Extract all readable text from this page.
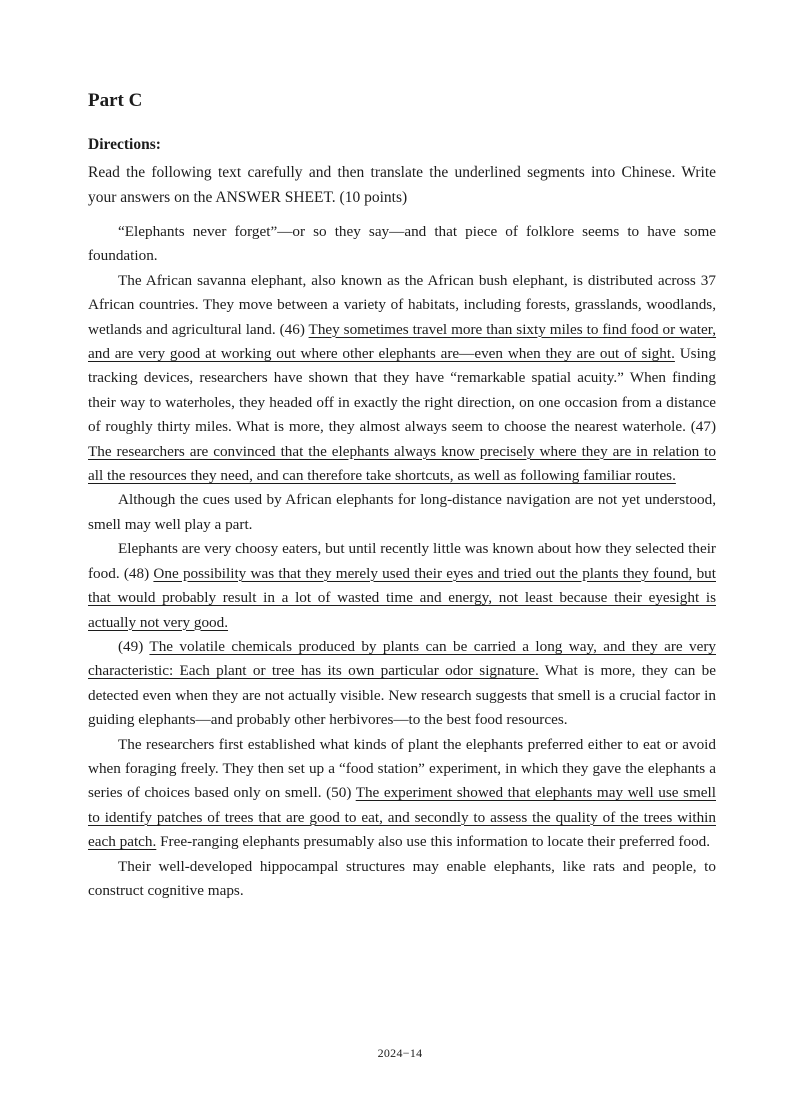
Part C
Directions:

Read the following text carefully and then translate the underlined segments into Chinese. Write your answers on the ANSWER SHEET. (10 points)

“Elephants never forget”—or so they say—and that piece of folklore seems to have some foundation.

The African savanna elephant, also known as the African bush elephant, is distributed across 37 African countries. They move between a variety of habitats, including forests, grasslands, woodlands, wetlands and agricultural land. (46) They sometimes travel more than sixty miles to find food or water, and are very good at working out where other elephants are—even when they are out of sight. Using tracking devices, researchers have shown that they have “remarkable spatial acuity.” When finding their way to waterholes, they headed off in exactly the right direction, on one occasion from a distance of roughly thirty miles. What is more, they almost always seem to choose the nearest waterhole. (47) The researchers are convinced that the elephants always know precisely where they are in relation to all the resources they need, and can therefore take shortcuts, as well as following familiar routes.

Although the cues used by African elephants for long-distance navigation are not yet understood, smell may well play a part.

Elephants are very choosy eaters, but until recently little was known about how they selected their food. (48) One possibility was that they merely used their eyes and tried out the plants they found, but that would probably result in a lot of wasted time and energy, not least because their eyesight is actually not very good.

(49) The volatile chemicals produced by plants can be carried a long way, and they are very characteristic: Each plant or tree has its own particular odor signature. What is more, they can be detected even when they are not actually visible. New research suggests that smell is a crucial factor in guiding elephants—and probably other herbivores—to the best food resources.

The researchers first established what kinds of plant the elephants preferred either to eat or avoid when foraging freely. They then set up a “food station” experiment, in which they gave the elephants a series of choices based only on smell. (50) The experiment showed that elephants may well use smell to identify patches of trees that are good to eat, and secondly to assess the quality of the trees within each patch. Free-ranging elephants presumably also use this information to locate their preferred food.

Their well-developed hippocampal structures may enable elephants, like rats and people, to construct cognitive maps.

2024−14
